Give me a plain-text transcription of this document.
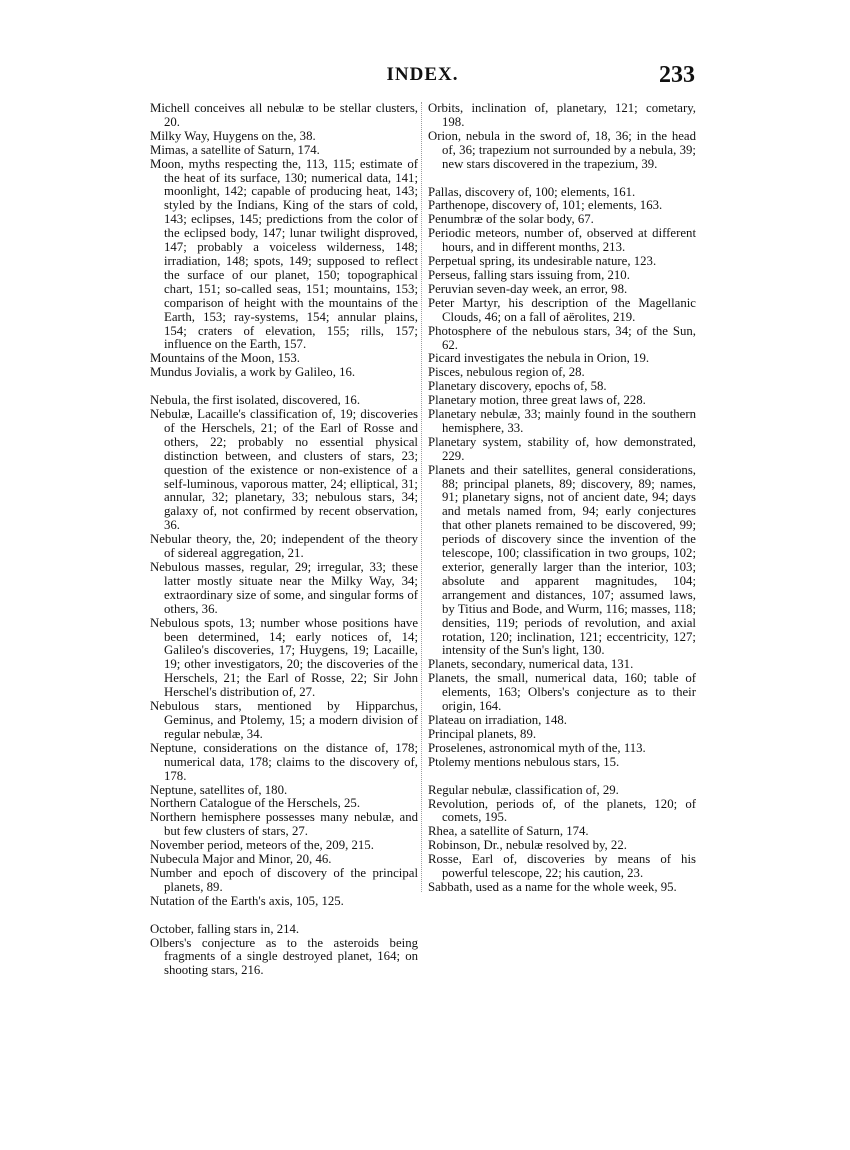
INDEX.	233

Michell conceives all nebulæ to be stellar clusters, 20.

Milky Way, Huygens on the, 38.

Mimas, a satellite of Saturn, 174.

Moon, myths respecting the, 113, 115; estimate of the heat of its surface, 130; numerical data, 141; moonlight, 142; capable of producing heat, 143; styled by the Indians, King of the stars of cold, 143; eclipses, 145; predictions from the color of the eclipsed body, 147; lunar twilight disproved, 147; probably a voiceless wilderness, 148; irradiation, 148; spots, 149; supposed to reflect the surface of our planet, 150; topographical chart, 151; so-called seas, 151; mountains, 153; comparison of height with the mountains of the Earth, 153; ray-systems, 154; annular plains, 154; craters of elevation, 155; rills, 157; influence on the Earth, 157.

Mountains of the Moon, 153.

Mundus Jovialis, a work by Galileo, 16.

Nebula, the first isolated, discovered, 16.

Nebulæ, Lacaille's classification of, 19; discoveries of the Herschels, 21; of the Earl of Rosse and others, 22; probably no essential physical distinction between, and clusters of stars, 23; question of the existence or non-existence of a self-luminous, vaporous matter, 24; elliptical, 31; annular, 32; planetary, 33; nebulous stars, 34; galaxy of, not confirmed by recent observation, 36.

Nebular theory, the, 20; independent of the theory of sidereal aggregation, 21.

Nebulous masses, regular, 29; irregular, 33; these latter mostly situate near the Milky Way, 34; extraordinary size of some, and singular forms of others, 36.

Nebulous spots, 13; number whose positions have been determined, 14; early notices of, 14; Galileo's discoveries, 17; Huygens, 19; Lacaille, 19; other investigators, 20; the discoveries of the Herschels, 21; the Earl of Rosse, 22; Sir John Herschel's distribution of, 27.

Nebulous stars, mentioned by Hipparchus, Geminus, and Ptolemy, 15; a modern division of regular nebulæ, 34.

Neptune, considerations on the distance of, 178; numerical data, 178; claims to the discovery of, 178.

Neptune, satellites of, 180.

Northern Catalogue of the Herschels, 25.

Northern hemisphere possesses many nebulæ, and but few clusters of stars, 27.

November period, meteors of the, 209, 215.

Nubecula Major and Minor, 20, 46.

Number and epoch of discovery of the principal planets, 89.

Nutation of the Earth's axis, 105, 125.

October, falling stars in, 214.

Olbers's conjecture as to the asteroids being fragments of a single destroyed planet, 164; on shooting stars, 216.

Orbits, inclination of, planetary, 121; cometary, 198.

Orion, nebula in the sword of, 18, 36; in the head of, 36; trapezium not surrounded by a nebula, 39; new stars discovered in the trapezium, 39.

Pallas, discovery of, 100; elements, 161.

Parthenope, discovery of, 101; elements, 163.

Penumbræ of the solar body, 67.

Periodic meteors, number of, observed at different hours, and in different months, 213.

Perpetual spring, its undesirable nature, 123.

Perseus, falling stars issuing from, 210.

Peruvian seven-day week, an error, 98.

Peter Martyr, his description of the Magellanic Clouds, 46; on a fall of aërolites, 219.

Photosphere of the nebulous stars, 34; of the Sun, 62.

Picard investigates the nebula in Orion, 19.

Pisces, nebulous region of, 28.

Planetary discovery, epochs of, 58.

Planetary motion, three great laws of, 228.

Planetary nebulæ, 33; mainly found in the southern hemisphere, 33.

Planetary system, stability of, how demonstrated, 229.

Planets and their satellites, general considerations, 88; principal planets, 89; discovery, 89; names, 91; planetary signs, not of ancient date, 94; days and metals named from, 94; early conjectures that other planets remained to be discovered, 99; periods of discovery since the invention of the telescope, 100; classification in two groups, 102; exterior, generally larger than the interior, 103; absolute and apparent magnitudes, 104; arrangement and distances, 107; assumed laws, by Titius and Bode, and Wurm, 116; masses, 118; densities, 119; periods of revolution, and axial rotation, 120; inclination, 121; eccentricity, 127; intensity of the Sun's light, 130.

Planets, secondary, numerical data, 131.

Planets, the small, numerical data, 160; table of elements, 163; Olbers's conjecture as to their origin, 164.

Plateau on irradiation, 148.

Principal planets, 89.

Proselenes, astronomical myth of the, 113.

Ptolemy mentions nebulous stars, 15.

Regular nebulæ, classification of, 29.

Revolution, periods of, of the planets, 120; of comets, 195.

Rhea, a satellite of Saturn, 174.

Robinson, Dr., nebulæ resolved by, 22.

Rosse, Earl of, discoveries by means of his powerful telescope, 22; his caution, 23.

Sabbath, used as a name for the whole week, 95.
